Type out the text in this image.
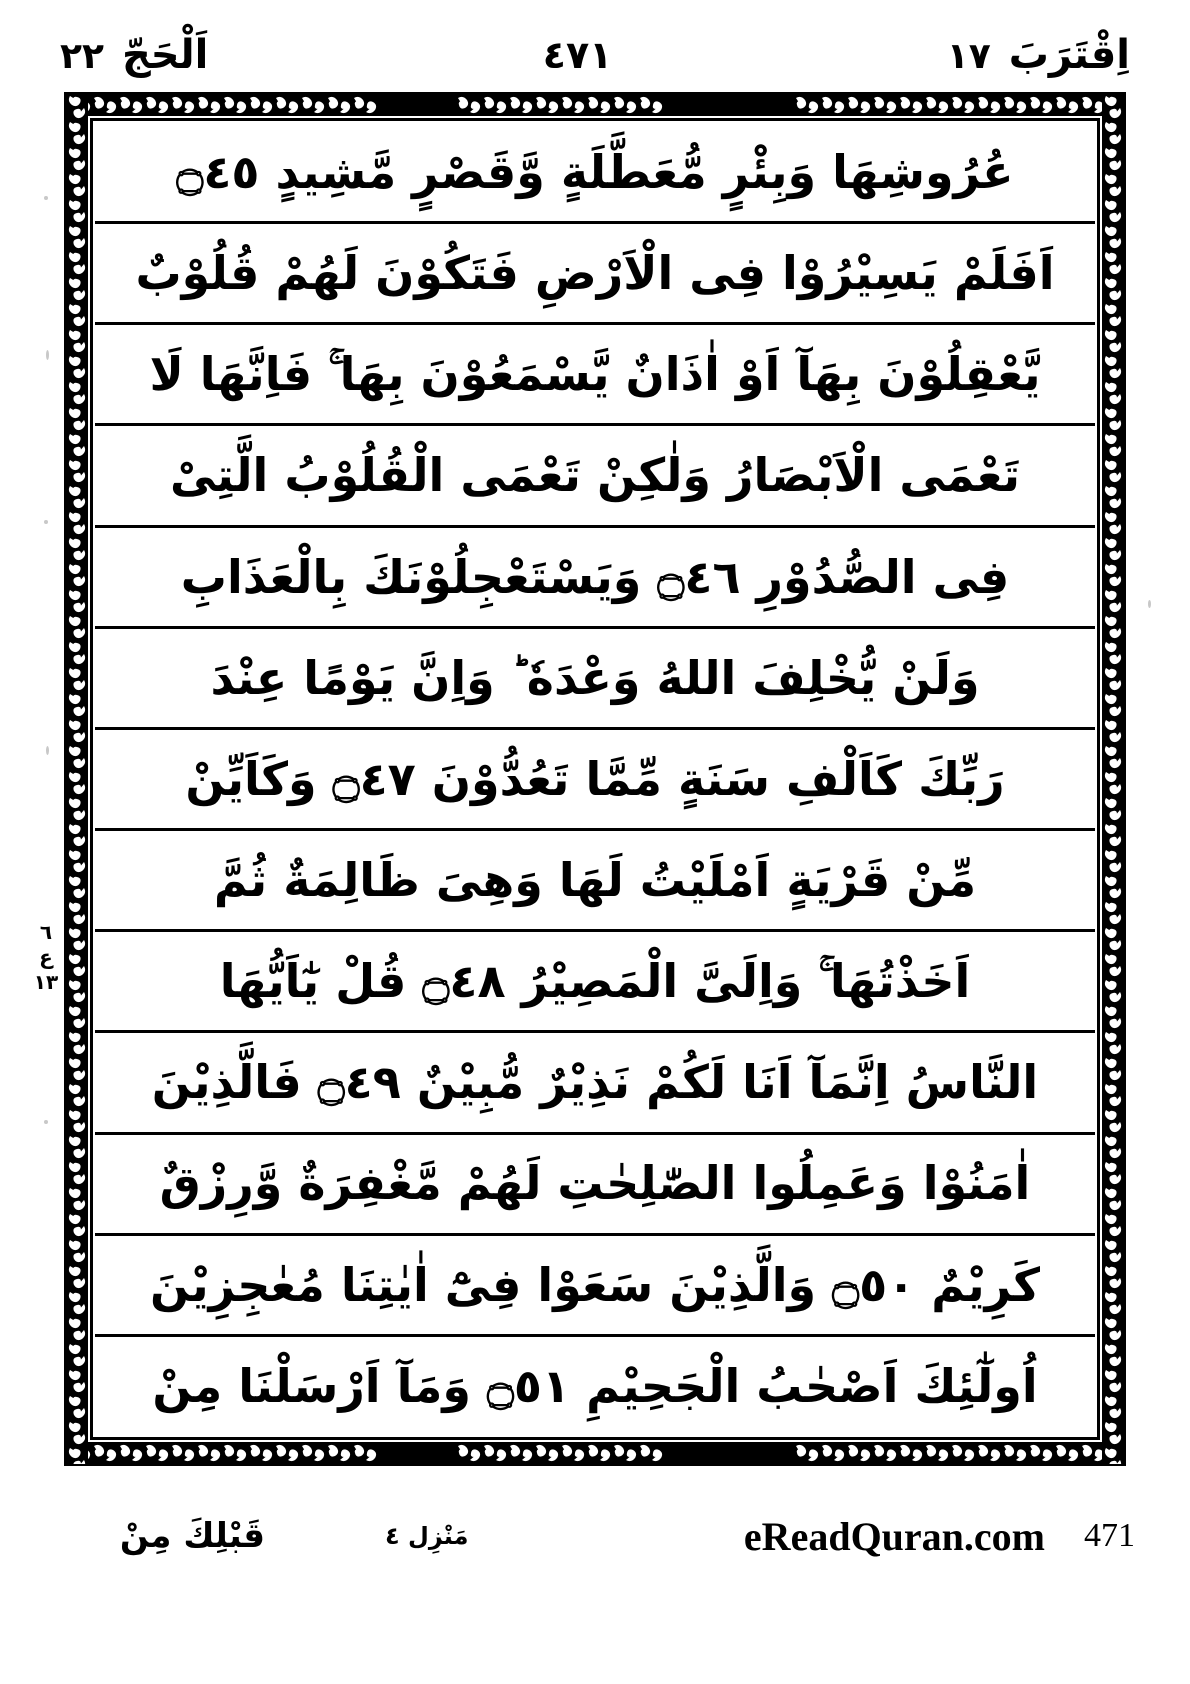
اِقْتَرَبَ
١٧
٤٧١
اَلْحَجّ
٢٢
عُرُوشِهَا وَبِئْرٍ مُّعَطَّلَةٍ وَّقَصْرٍ مَّشِيدٍ ۝٤٥
اَفَلَمْ يَسِيْرُوْا فِى الْاَرْضِ فَتَكُوْنَ لَهُمْ قُلُوْبٌ
يَّعْقِلُوْنَ بِهَآ اَوْ اٰذَانٌ يَّسْمَعُوْنَ بِهَا ۚ فَاِنَّهَا لَا
تَعْمَى الْاَبْصَارُ وَلٰكِنْ تَعْمَى الْقُلُوْبُ الَّتِىْ
فِى الصُّدُوْرِ ۝٤٦ وَيَسْتَعْجِلُوْنَكَ بِالْعَذَابِ
وَلَنْ يُّخْلِفَ اللهُ وَعْدَهٗ ؕ وَاِنَّ يَوْمًا عِنْدَ
رَبِّكَ كَاَلْفِ سَنَةٍ مِّمَّا تَعُدُّوْنَ ۝٤٧ وَكَاَيِّنْ
مِّنْ قَرْيَةٍ اَمْلَيْتُ لَهَا وَهِىَ ظَالِمَةٌ ثُمَّ
اَخَذْتُهَا ۚ وَاِلَىَّ الْمَصِيْرُ ۝٤٨ قُلْ يٰٓاَيُّهَا
النَّاسُ اِنَّمَآ اَنَا لَكُمْ نَذِيْرٌ مُّبِيْنٌ ۝٤٩ فَالَّذِيْنَ
اٰمَنُوْا وَعَمِلُوا الصّٰلِحٰتِ لَهُمْ مَّغْفِرَةٌ وَّرِزْقٌ
كَرِيْمٌ ۝٥٠ وَالَّذِيْنَ سَعَوْا فِىْٓ اٰيٰتِنَا مُعٰجِزِيْنَ
اُولٰٓئِكَ اَصْحٰبُ الْجَحِيْمِ ۝٥١ وَمَآ اَرْسَلْنَا مِنْ
٦
ع
١٣
قَبْلِكَ مِنْ	مَنْزِل ٤	eReadQuran.com	471
